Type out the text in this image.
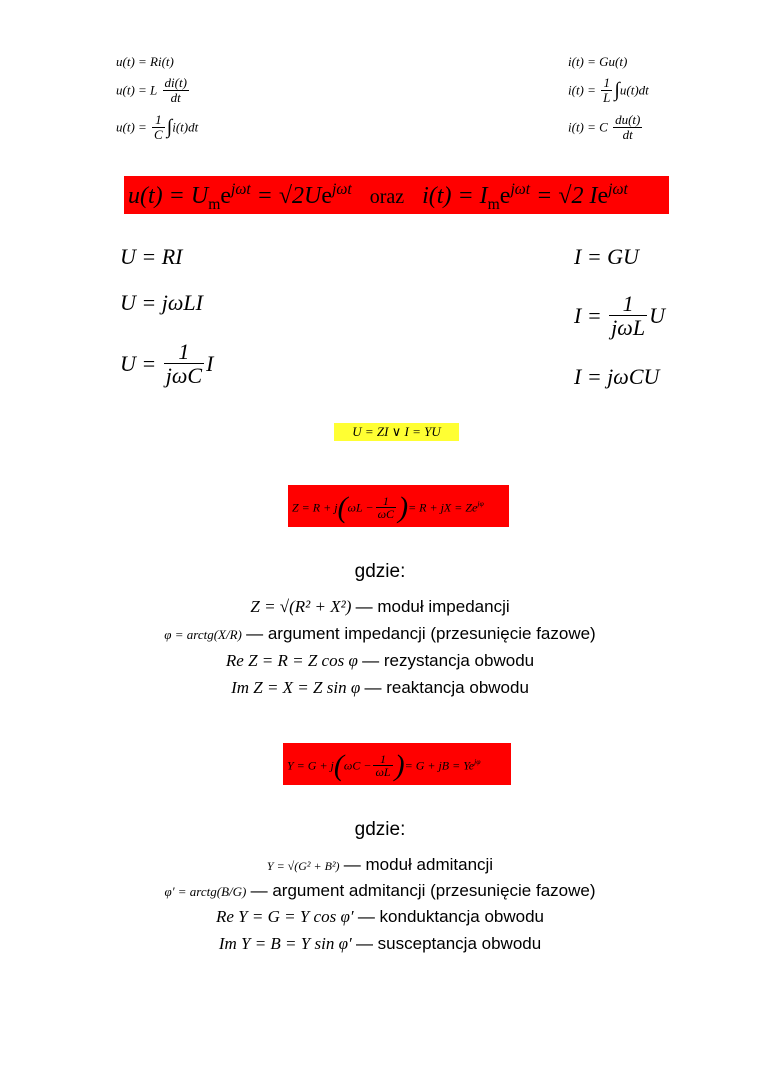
u(t) = Ri(t)
u(t) = L $\frac{di(t)}{dt}$
$u(t) = \frac{1}{C} \int i(t)dt$
i(t) = Gu(t)
$i(t) = \frac{1}{L} \int u(t)dt$
i(t) = C $\frac{du(t)}{dt}$
$u(t) = U_me^{j\omega t} = √2Ue^{j\omega t}$ oraz $i(t) = I_me^{j\omega t} = √2$ $Ie^{j\omega t}$
U = RI
U = jωLI
$U = \frac{1}{\text{jωC}}$ I
I = GU
$I = \frac{1}{\text{jωL}}$ U
I = jωCU
U = ZI ∨ I = YU
$Z = R + j(\omega L - \frac{1}{\omega C}$ )= R + jX = $Ze^{j\varphi}$
gdzie:
Z = √(R² + X²) — moduł impedancji
φ = arctg(X/R) — argument impedancji (przesunięcie fazowe)
Re Z = R = Z cos φ — rezystancja obwodu
Im Z = X = Z sin φ — reaktancja obwodu
$Y = G + j(\omega C - \frac{1}{\omega L}$ )= G + jB = $Ye^{j\varphi}$
gdzie:
Y = √(G² + B²) — moduł admitancji
φ′ = arctg(B/G) — argument admitancji (przesunięcie fazowe)
Re Y = G = Y cos φ′ — konduktancja obwodu
Im Y = B = Y sin φ′ — susceptancja obwodu
